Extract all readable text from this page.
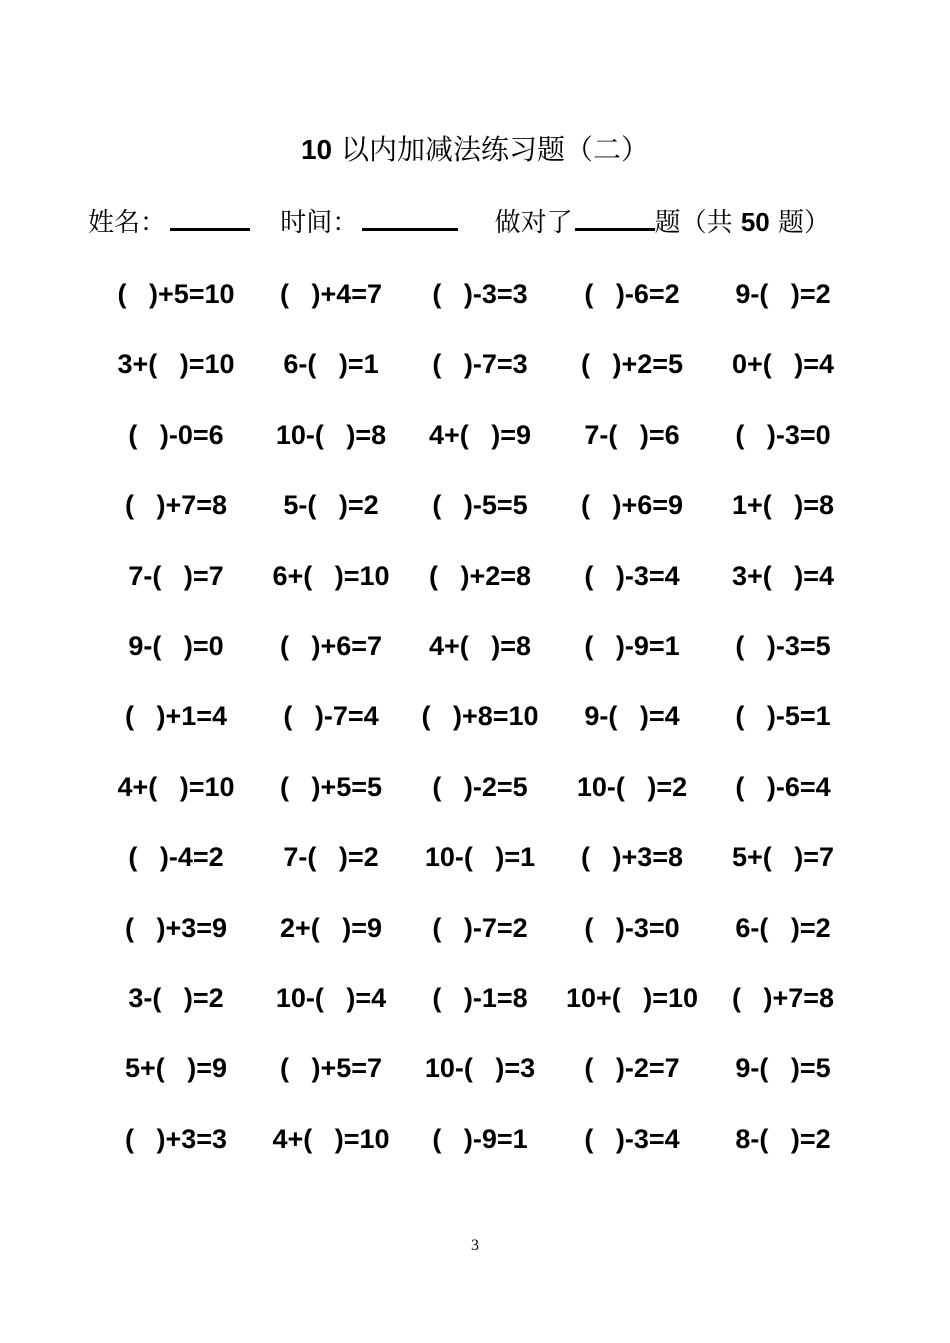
10 以内加减法练习题（二）
姓名：	时间：	做对了	题（共 50 题）
(   )+5=10	(   )+4=7	(   )-3=3	(   )-6=2	9-(   )=2
3+(   )=10	6-(   )=1	(   )-7=3	(   )+2=5	0+(   )=4
(   )-0=6	10-(   )=8	4+(   )=9	7-(   )=6	(   )-3=0
(   )+7=8	5-(   )=2	(   )-5=5	(   )+6=9	1+(   )=8
7-(   )=7	6+(   )=10	(   )+2=8	(   )-3=4	3+(   )=4
9-(   )=0	(   )+6=7	4+(   )=8	(   )-9=1	(   )-3=5
(   )+1=4	(   )-7=4	(   )+8=10	9-(   )=4	(   )-5=1
4+(   )=10	(   )+5=5	(   )-2=5	10-(   )=2	(   )-6=4
(   )-4=2	7-(   )=2	10-(   )=1	(   )+3=8	5+(   )=7
(   )+3=9	2+(   )=9	(   )-7=2	(   )-3=0	6-(   )=2
3-(   )=2	10-(   )=4	(   )-1=8	10+(   )=10	(   )+7=8
5+(   )=9	(   )+5=7	10-(   )=3	(   )-2=7	9-(   )=5
(   )+3=3	4+(   )=10	(   )-9=1	(   )-3=4	8-(   )=2
3
